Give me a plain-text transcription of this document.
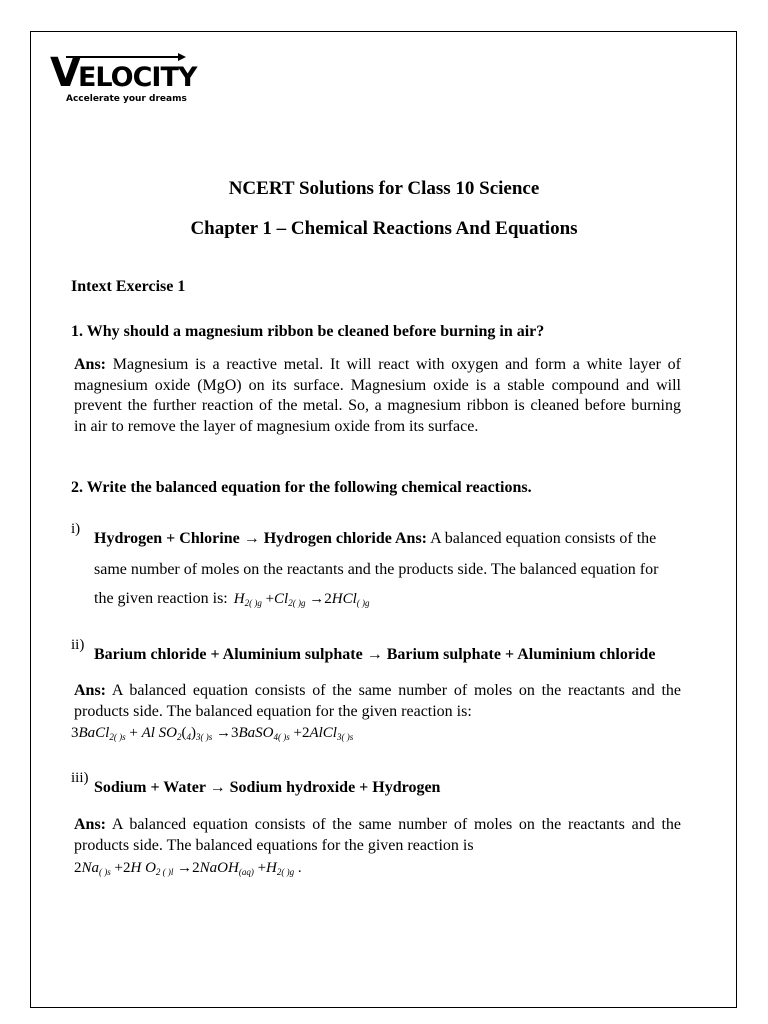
VELOCITY
Accelerate your dreams
NCERT Solutions for Class 10 Science
Chapter 1 – Chemical Reactions And Equations
Intext Exercise 1
1. Why should a magnesium ribbon be cleaned before burning in air?
Ans: Magnesium is a reactive metal. It will react with oxygen and form a white layer of
magnesium oxide (MgO) on its surface. Magnesium oxide is a stable compound and will
prevent the further reaction of the metal. So, a magnesium ribbon is cleaned before burning
in air to remove the layer of magnesium oxide from its surface.
2. Write the balanced equation for the following chemical reactions.
i)
Hydrogen + Chlorine → Hydrogen chloride Ans: A balanced equation consists of the
same number of moles on the reactants and the products side. The balanced equation for
the given reaction is: $H_{2( )g} +Cl_{2( )g} \to 2HCl_{( )g}$
ii)
Barium chloride + Aluminium sulphate → Barium sulphate + Aluminium chloride
Ans: A balanced equation consists of the same number of moles on the reactants and the
products side. The balanced equation for the given reaction is:
3BaCl$_{2( )s}$ + Al $SO_2(_4)_{3( )s}$ →3BaSO$_{4( )s}$ +2AlCl$_{3( )s}$
iii)
Sodium + Water → Sodium hydroxide + Hydrogen
Ans: A balanced equation consists of the same number of moles on the reactants and the
products side. The balanced equations for the given reaction is
$2Na_{( )s} +2H$ $O_{2 ( )l}$ →2NaOH$_{(aq)}$ $+H_{2( )g}$ .
